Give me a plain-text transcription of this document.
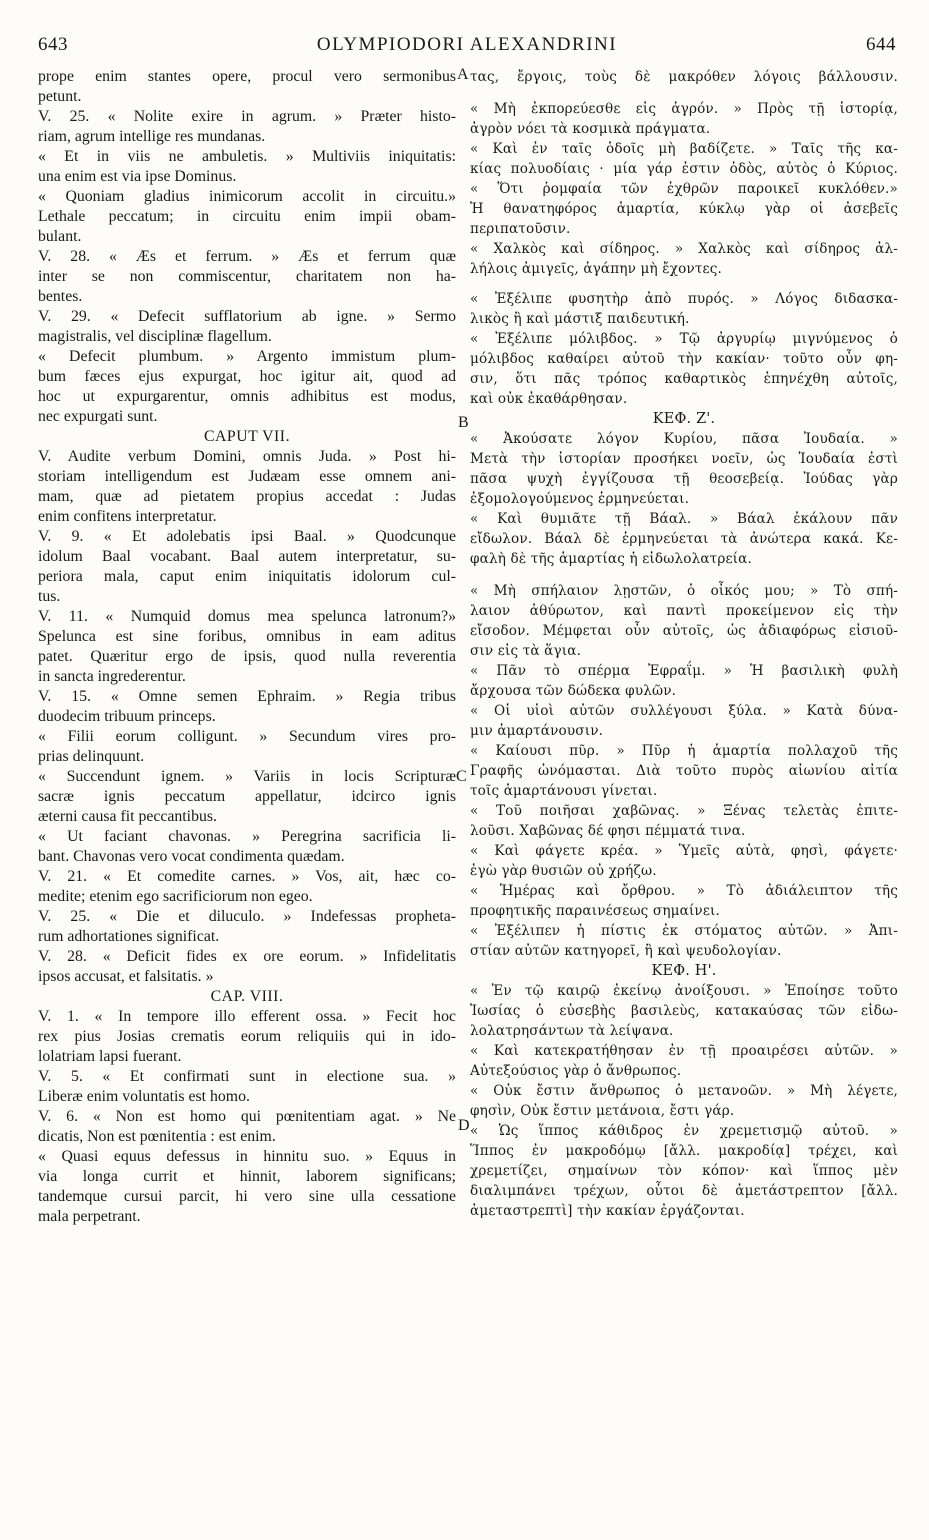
643	OLYMPIODORI ALEXANDRINI	644
prope enim stantes opere, procul vero sermonibus
petunt.
V. 25. « Nolite exire in agrum. » Præter histo-
riam, agrum intellige res mundanas.
« Et in viis ne ambuletis. » Multiviis iniquitatis:
una enim est via ipse Dominus.
« Quoniam gladius inimicorum accolit in circuitu.»
Lethale peccatum; in circuitu enim impii obam-
bulant.
V. 28. « Æs et ferrum. » Æs et ferrum quæ
inter se non commiscentur, charitatem non ha-
bentes.
V. 29. « Defecit sufflatorium ab igne. » Sermo
magistralis, vel disciplinæ flagellum.
« Defecit plumbum. » Argento immistum plum-
bum fæces ejus expurgat, hoc igitur ait, quod ad
hoc ut expurgarentur, omnis adhibitus est modus,
nec expurgati sunt.
CAPUT VII.
V. Audite verbum Domini, omnis Juda. » Post hi-
storiam intelligendum est Judæam esse omnem ani-
mam, quæ ad pietatem propius accedat : Judas
enim confitens interpretatur.
V. 9. « Et adolebatis ipsi Baal. » Quodcunque
idolum Baal vocabant. Baal autem interpretatur, su-
periora mala, caput enim iniquitatis idolorum cul-
tus.
V. 11. « Numquid domus mea spelunca latronum?»
Spelunca est sine foribus, omnibus in eam aditus
patet. Quæritur ergo de ipsis, quod nulla reverentia
in sancta ingrederentur.
V. 15. « Omne semen Ephraim. » Regia tribus
duodecim tribuum princeps.
« Filii eorum colligunt. » Secundum vires pro-
prias delinquunt.
« Succendunt ignem. » Variis in locis Scripturæ
sacræ ignis peccatum appellatur, idcirco ignis
æterni causa fit peccantibus.
« Ut faciant chavonas. » Peregrina sacrificia li-
bant. Chavonas vero vocat condimenta quædam.
V. 21. « Et comedite carnes. » Vos, ait, hæc co-
medite; etenim ego sacrificiorum non egeo.
V. 25. « Die et diluculo. » Indefessas propheta-
rum adhortationes significat.
V. 28. « Deficit fides ex ore eorum. » Infidelitatis
ipsos accusat, et falsitatis. »
CAP. VIII.
V. 1. « In tempore illo efferent ossa. » Fecit hoc
rex pius Josias crematis eorum reliquiis qui in ido-
lolatriam lapsi fuerant.
V. 5. « Et confirmati sunt in electione sua. »
Liberæ enim voluntatis est homo.
V. 6. « Non est homo qui pœnitentiam agat. » Ne
dicatis, Non est pœnitentia : est enim.
« Quasi equus defessus in hinnitu suo. » Equus in
via longa currit et hinnit, laborem significans;
tandemque cursui parcit, hi vero sine ulla cessatione
mala perpetrant.
τας, ἔργοις, τοὺς δὲ μακρόθεν λόγοις βάλλουσιν.
« Μὴ ἐκπορεύεσθε εἰς ἀγρόν. » Πρὸς τῇ ἱστορίᾳ,
ἀγρὸν νόει τὰ κοσμικὰ πράγματα.
« Καὶ ἐν ταῖς ὁδοῖς μὴ βαδίζετε. » Ταῖς τῆς κα-
κίας πολυοδίαις · μία γάρ ἐστιν ὁδὸς, αὐτὸς ὁ Κύριος.
« Ὅτι ῥομφαία τῶν ἐχθρῶν παροικεῖ κυκλόθεν.»
Ἡ θανατηφόρος ἁμαρτία, κύκλῳ γὰρ οἱ ἀσεβεῖς
περιπατοῦσιν.
« Χαλκὸς καὶ σίδηρος. » Χαλκὸς καὶ σίδηρος ἀλ-
λήλοις ἀμιγεῖς, ἀγάπην μὴ ἔχοντες.
« Ἐξέλιπε φυσητὴρ ἀπὸ πυρός. » Λόγος διδασκα-
λικὸς ἢ καὶ μάστιξ παιδευτική.
« Ἐξέλιπε μόλιβδος. » Τῷ ἀργυρίῳ μιγνύμενος ὁ
μόλιβδος καθαίρει αὐτοῦ τὴν κακίαν· τοῦτο οὖν φη-
σιν, ὅτι πᾶς τρόπος καθαρτικὸς ἐπηνέχθη αὐτοῖς,
καὶ οὐκ ἐκαθάρθησαν.
ΚΕΦ. Ζ'.
« Ἀκούσατε λόγον Κυρίου, πᾶσα Ἰουδαία. »
Μετὰ τὴν ἱστορίαν προσήκει νοεῖν, ὡς Ἰουδαία ἐστὶ
πᾶσα ψυχὴ ἐγγίζουσα τῇ θεοσεβείᾳ. Ἰούδας γὰρ
ἐξομολογούμενος ἑρμηνεύεται.
« Καὶ θυμιᾶτε τῇ Βάαλ. » Βάαλ ἐκάλουν πᾶν
εἴδωλον. Βάαλ δὲ ἑρμηνεύεται τὰ ἀνώτερα κακά. Κε-
φαλὴ δὲ τῆς ἁμαρτίας ἡ εἰδωλολατρεία.
« Μὴ σπήλαιον λῃστῶν, ὁ οἶκός μου; » Τὸ σπή-
λαιον ἀθύρωτον, καὶ παντὶ προκείμενον εἰς τὴν
εἴσοδον. Μέμφεται οὖν αὐτοῖς, ὡς ἀδιαφόρως εἰσιοῦ-
σιν εἰς τὰ ἅγια.
« Πᾶν τὸ σπέρμα Ἐφραΐμ. » Ἡ βασιλικὴ φυλὴ
ἄρχουσα τῶν δώδεκα φυλῶν.
« Οἱ υἱοὶ αὐτῶν συλλέγουσι ξύλα. » Κατὰ δύνα-
μιν ἁμαρτάνουσιν.
« Καίουσι πῦρ. » Πῦρ ἡ ἁμαρτία πολλαχοῦ τῆς
Γραφῆς ὠνόμασται. Διὰ τοῦτο πυρὸς αἰωνίου αἰτία
τοῖς ἁμαρτάνουσι γίνεται.
« Τοῦ ποιῆσαι χαβῶνας. » Ξένας τελετὰς ἐπιτε-
λοῦσι. Χαβῶνας δέ φησι πέμματά τινα.
« Καὶ φάγετε κρέα. » Ὑμεῖς αὐτὰ, φησὶ, φάγετε·
ἐγὼ γὰρ θυσιῶν οὐ χρήζω.
« Ἡμέρας καὶ ὄρθρου. » Τὸ ἀδιάλειπτον τῆς
προφητικῆς παραινέσεως σημαίνει.
« Ἐξέλιπεν ἡ πίστις ἐκ στόματος αὐτῶν. » Ἀπι-
στίαν αὐτῶν κατηγορεῖ, ἢ καὶ ψευδολογίαν.
ΚΕΦ. Η'.
« Ἐν τῷ καιρῷ ἐκείνῳ ἀνοίξουσι. » Ἐποίησε τοῦτο
Ἰωσίας ὁ εὐσεβὴς βασιλεὺς, κατακαύσας τῶν εἰδω-
λολατρησάντων τὰ λείψανα.
« Καὶ κατεκρατήθησαν ἐν τῇ προαιρέσει αὐτῶν. »
Αὐτεξούσιος γὰρ ὁ ἄνθρωπος.
« Οὐκ ἔστιν ἄνθρωπος ὁ μετανοῶν. » Μὴ λέγετε,
φησὶν, Οὐκ ἔστιν μετάνοια, ἔστι γάρ.
« Ὡς ἵππος κάθιδρος ἐν χρεμετισμῷ αὐτοῦ. »
Ἵππος ἐν μακροδόμῳ [ἄλλ. μακροδίᾳ] τρέχει, καὶ
χρεμετίζει, σημαίνων τὸν κόπον· καὶ ἵππος μὲν
διαλιμπάνει τρέχων, οὗτοι δὲ ἀμετάστρεπτον [ἄλλ.
ἀμεταστρεπτὶ] τὴν κακίαν ἐργάζονται.
A
B
C
D
